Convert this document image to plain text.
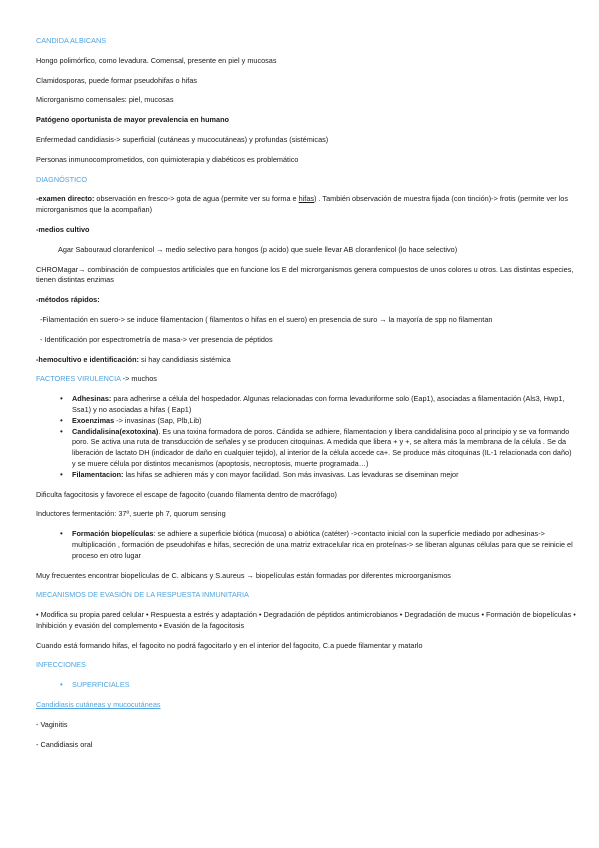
CANDIDA ALBICANS

Hongo polimórfico, como levadura. Comensal, presente en piel y mucosas

Clamidosporas, puede formar pseudohifas o hifas

Microrganismo comensales: piel, mucosas

Patógeno oportunista de mayor prevalencia en humano

Enfermedad candidiasis-> superficial (cutáneas y mucocutáneas) y profundas (sistémicas)

Personas inmunocomprometidos, con quimioterapia y diabéticos es problemático

DIAGNÓSTICO

-examen directo: observación en fresco-> gota de agua (permite ver su forma e hifas) . También observación de muestra fijada (con tinción)-> frotis (permite ver los microrganismos que la acompañan)

-medios cultivo

Agar Sabouraud cloranfenicol → medio selectivo para hongos (p acido) que suele llevar AB cloranfenicol (lo hace selectivo)

CHROMagar→ combinación de compuestos artificiales que en funcione los E del microrganismos genera compuestos de unos colores u otros. Las distintas especies, tienen distintas enzimas

-métodos rápidos:

-Filamentación en suero-> se induce filamentacion ( filamentos o hifas en el suero) en presencia de suro → la mayoría de spp no filamentan

- Identificación por espectrometría de masa-> ver presencia de péptidos

-hemocultivo e identificación: si hay candidiasis sistémica

FACTORES VIRULENCIA -> muchos

• Adhesinas: para adherirse a célula del hospedador. Algunas relacionadas con forma levaduriforme solo (Eap1), asociadas a filamentación (Als3, Hwp1, Ssa1) y no asociadas a hifas ( Eap1)
• Exoenzimas -> invasinas (Sap, Plb,Lib)
• Candidalisina(exotoxina). Es una toxina formadora de poros. Cándida se adhiere, filamentacion y libera candidalisina poco al principio y se va formando poro. Se activa una ruta de transducción de señales y se producen citoquinas. A medida que libera + y +, se altera más la membrana de la célula . Se da liberación de lactato DH (indicador de daño en cualquier tejido), al interior de la célula accede ca+. Se produce más citoquinas (IL-1 relacionada con daño) y se muere célula por distintos mecanismos (apoptosis, necroptosis, muerte programada…)
• Filamentacion: las hifas se adhieren más y con mayor facilidad. Son más invasivas. Las levaduras se diseminan mejor

Dificulta fagocitosis y favorece el escape de fagocito (cuando filamenta dentro de macrófago)

Inductores fermentación: 37º, suerte ph 7, quorum sensing

• Formación biopelículas: se adhiere a superficie biótica (mucosa) o abiótica (catéter) ->contacto inicial con la superficie mediado por adhesinas-> multiplicación , formación de pseudohifas e hifas, secreción de una matriz extracelular rica en proteínas-> se liberan algunas células para que se reinicie el proceso en otro lugar

Muy frecuentes encontrar biopelículas de C. albicans y S.aureus → biopelículas están formadas por diferentes microorganismos

MECANISMOS DE EVASIÓN DE LA RESPUESTA INMUNITARIA

• Modifica su propia pared celular • Respuesta a estrés y adaptación • Degradación de péptidos antimicrobianos • Degradación de mucus • Formación de biopelículas • Inhibición y evasión del complemento • Evasión de la fagocitosis

Cuando está formando hifas, el fagocito no podrá fagocitarlo y en el interior del fagocito, C.a puede filamentar y matarlo

INFECCIONES

• SUPERFICIALES

Candidiasis cutáneas y mucocutáneas

- Vaginitis

- Candidiasis oral
